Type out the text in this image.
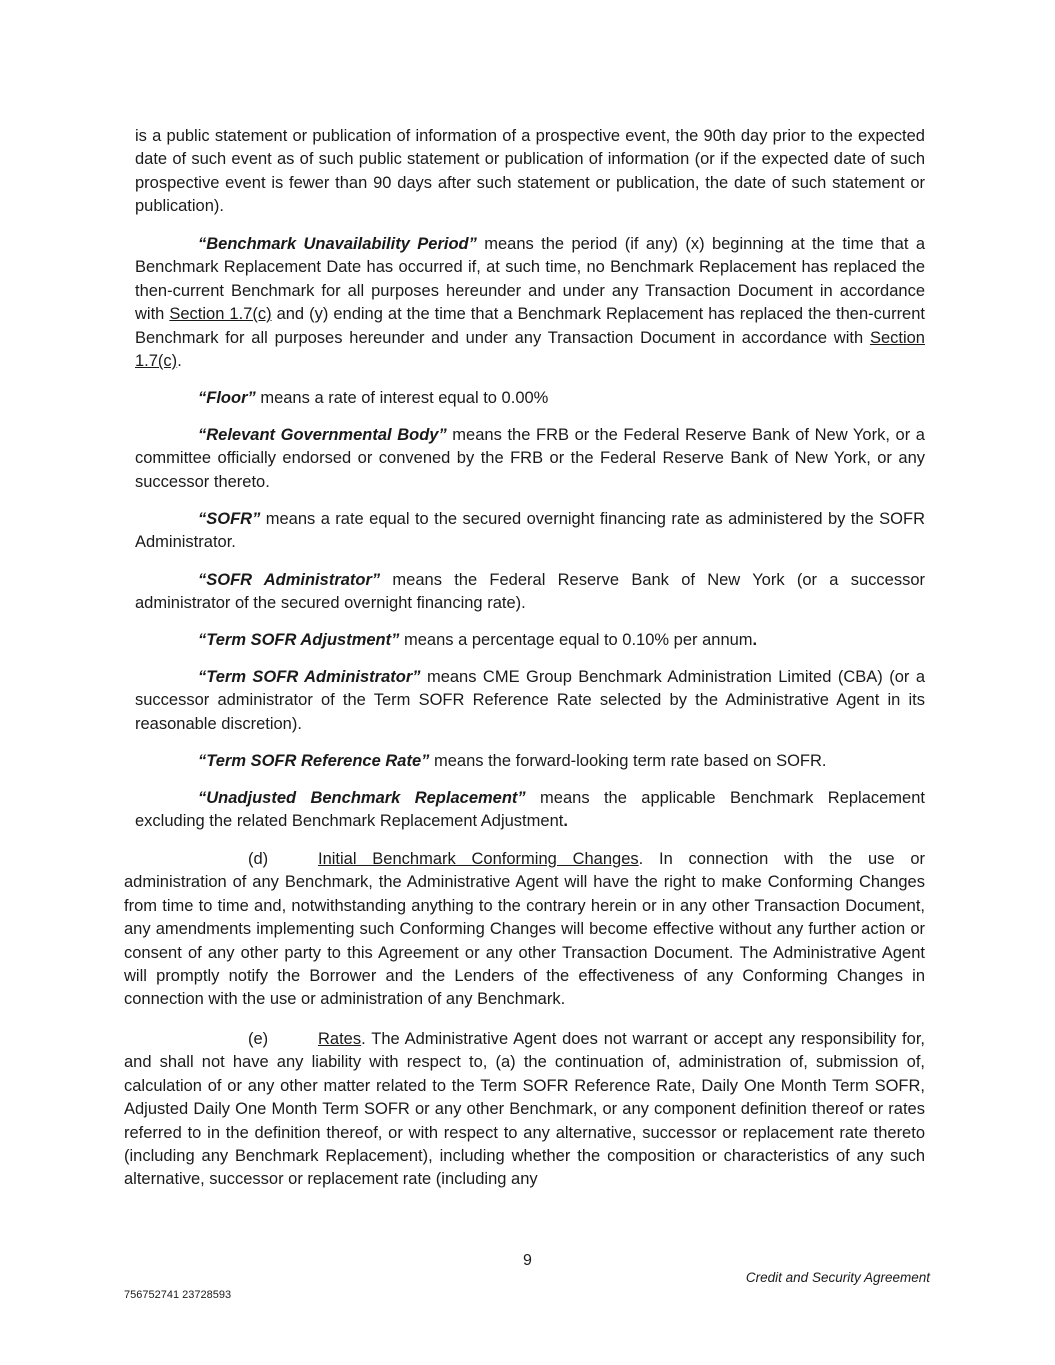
is a public statement or publication of information of a prospective event, the 90th day prior to the expected date of such event as of such public statement or publication of information (or if the expected date of such prospective event is fewer than 90 days after such statement or publication, the date of such statement or publication).

“Benchmark Unavailability Period” means the period (if any) (x) beginning at the time that a Benchmark Replacement Date has occurred if, at such time, no Benchmark Replacement has replaced the then-current Benchmark for all purposes hereunder and under any Transaction Document in accordance with Section 1.7(c) and (y) ending at the time that a Benchmark Replacement has replaced the then-current Benchmark for all purposes hereunder and under any Transaction Document in accordance with Section 1.7(c).

“Floor” means a rate of interest equal to 0.00%

“Relevant Governmental Body” means the FRB or the Federal Reserve Bank of New York, or a committee officially endorsed or convened by the FRB or the Federal Reserve Bank of New York, or any successor thereto.

“SOFR” means a rate equal to the secured overnight financing rate as administered by the SOFR Administrator.

“SOFR Administrator” means the Federal Reserve Bank of New York (or a successor administrator of the secured overnight financing rate).

“Term SOFR Adjustment” means a percentage equal to 0.10% per annum.

“Term SOFR Administrator” means CME Group Benchmark Administration Limited (CBA) (or a successor administrator of the Term SOFR Reference Rate selected by the Administrative Agent in its reasonable discretion).

“Term SOFR Reference Rate” means the forward-looking term rate based on SOFR.

“Unadjusted Benchmark Replacement” means the applicable Benchmark Replacement excluding the related Benchmark Replacement Adjustment.

(d)	Initial Benchmark Conforming Changes. In connection with the use or administration of any Benchmark, the Administrative Agent will have the right to make Conforming Changes from time to time and, notwithstanding anything to the contrary herein or in any other Transaction Document, any amendments implementing such Conforming Changes will become effective without any further action or consent of any other party to this Agreement or any other Transaction Document. The Administrative Agent will promptly notify the Borrower and the Lenders of the effectiveness of any Conforming Changes in connection with the use or administration of any Benchmark.

(e)	Rates. The Administrative Agent does not warrant or accept any responsibility for, and shall not have any liability with respect to, (a) the continuation of, administration of, submission of, calculation of or any other matter related to the Term SOFR Reference Rate, Daily One Month Term SOFR, Adjusted Daily One Month Term SOFR or any other Benchmark, or any component definition thereof or rates referred to in the definition thereof, or with respect to any alternative, successor or replacement rate thereto (including any Benchmark Replacement), including whether the composition or characteristics of any such alternative, successor or replacement rate (including any

9
Credit and Security Agreement
756752741 23728593
